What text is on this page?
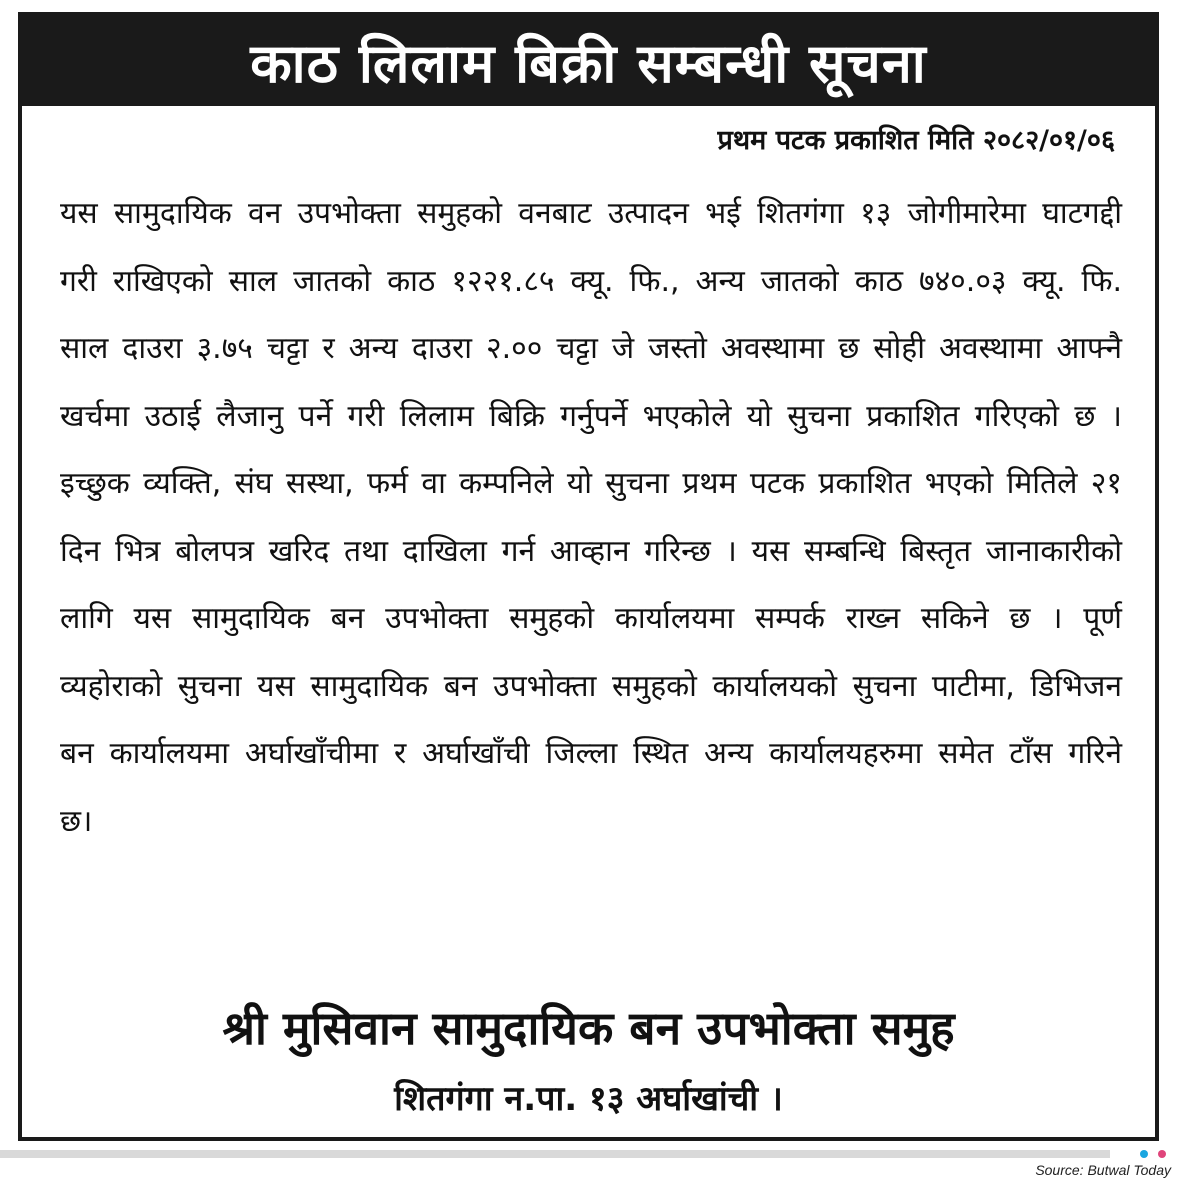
काठ लिलाम बिक्री सम्बन्धी सूचना
प्रथम पटक प्रकाशित मिति २०८२/०१/०६
यस सामुदायिक वन उपभोक्ता समुहको वनबाट उत्पादन भई शितगंगा १३ जोगीमारेमा घाटगद्दी गरी राखिएको साल जातको काठ १२२१.८५ क्यू. फि., अन्य जातको काठ ७४०.०३ क्यू. फि. साल दाउरा ३.७५ चट्टा र अन्य दाउरा २.०० चट्टा जे जस्तो अवस्थामा छ सोही अवस्थामा आफ्नै खर्चमा उठाई लैजानु पर्ने गरी लिलाम बिक्रि गर्नुपर्ने भएकोले यो सुचना प्रकाशित गरिएको छ । इच्छुक व्यक्ति, संघ सस्था, फर्म वा कम्पनिले यो सुचना प्रथम पटक प्रकाशित भएको मितिले २१ दिन भित्र बोलपत्र खरिद तथा दाखिला गर्न आव्हान गरिन्छ । यस सम्बन्धि बिस्तृत जानाकारीको लागि यस सामुदायिक बन उपभोक्ता समुहको कार्यालयमा सम्पर्क राख्न सकिने छ । पूर्ण व्यहोराको सुचना यस सामुदायिक बन उपभोक्ता समुहको कार्यालयको सुचना पाटीमा, डिभिजन बन कार्यालयमा अर्घाखाँचीमा र अर्घाखाँची जिल्ला स्थित अन्य कार्यालयहरुमा समेत टाँस गरिने छ।
श्री मुसिवान सामुदायिक बन उपभोक्ता समुह
शितगंगा न.पा. १३ अर्घाखांची ।
Source: Butwal Today
